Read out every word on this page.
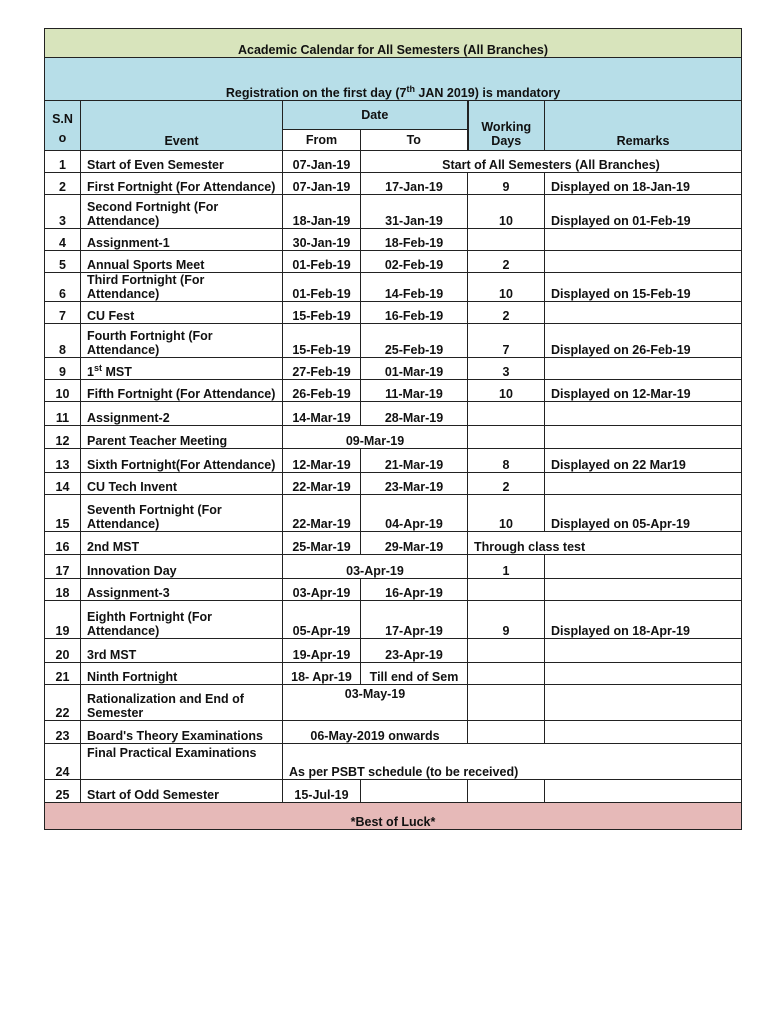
Academic Calendar for All Semesters (All Branches)					
Registration on the first day (7th JAN 2019) is mandatory					
S.N o	Event	Date		Working Days	Remarks
		From	To		
1	Start of Even Semester	07-Jan-19	Start of All Semesters (All Branches)		
2	First Fortnight (For Attendance)	07-Jan-19	17-Jan-19	9	Displayed on 18-Jan-19
3	Second Fortnight (For Attendance)	18-Jan-19	31-Jan-19	10	Displayed on 01-Feb-19
4	Assignment-1	30-Jan-19	18-Feb-19		
5	Annual Sports Meet	01-Feb-19	02-Feb-19	2	
6	Third Fortnight (For Attendance)	01-Feb-19	14-Feb-19	10	Displayed on 15-Feb-19
7	CU Fest	15-Feb-19	16-Feb-19	2	
8	Fourth Fortnight (For Attendance)	15-Feb-19	25-Feb-19	7	Displayed on 26-Feb-19
9	1st MST	27-Feb-19	01-Mar-19	3	
10	Fifth Fortnight (For Attendance)	26-Feb-19	11-Mar-19	10	Displayed on 12-Mar-19
11	Assignment-2	14-Mar-19	28-Mar-19		
12	Parent Teacher Meeting	09-Mar-19			
13	Sixth Fortnight(For Attendance)	12-Mar-19	21-Mar-19	8	Displayed on 22 Mar19
14	CU Tech Invent	22-Mar-19	23-Mar-19	2	
15	Seventh Fortnight (For Attendance)	22-Mar-19	04-Apr-19	10	Displayed on 05-Apr-19
16	2nd MST	25-Mar-19	29-Mar-19	Through class test	
17	Innovation Day	03-Apr-19		1	
18	Assignment-3	03-Apr-19	16-Apr-19		
19	Eighth Fortnight (For Attendance)	05-Apr-19	17-Apr-19	9	Displayed on 18-Apr-19
20	3rd MST	19-Apr-19	23-Apr-19		
21	Ninth Fortnight	18- Apr-19	Till end of Sem		
22	Rationalization and End of Semester	03-May-19			
23	Board's Theory Examinations	06-May-2019 onwards			
24	Final Practical Examinations	As per PSBT schedule (to be received)			
25	Start of Odd Semester	15-Jul-19			
*Best of Luck*					
